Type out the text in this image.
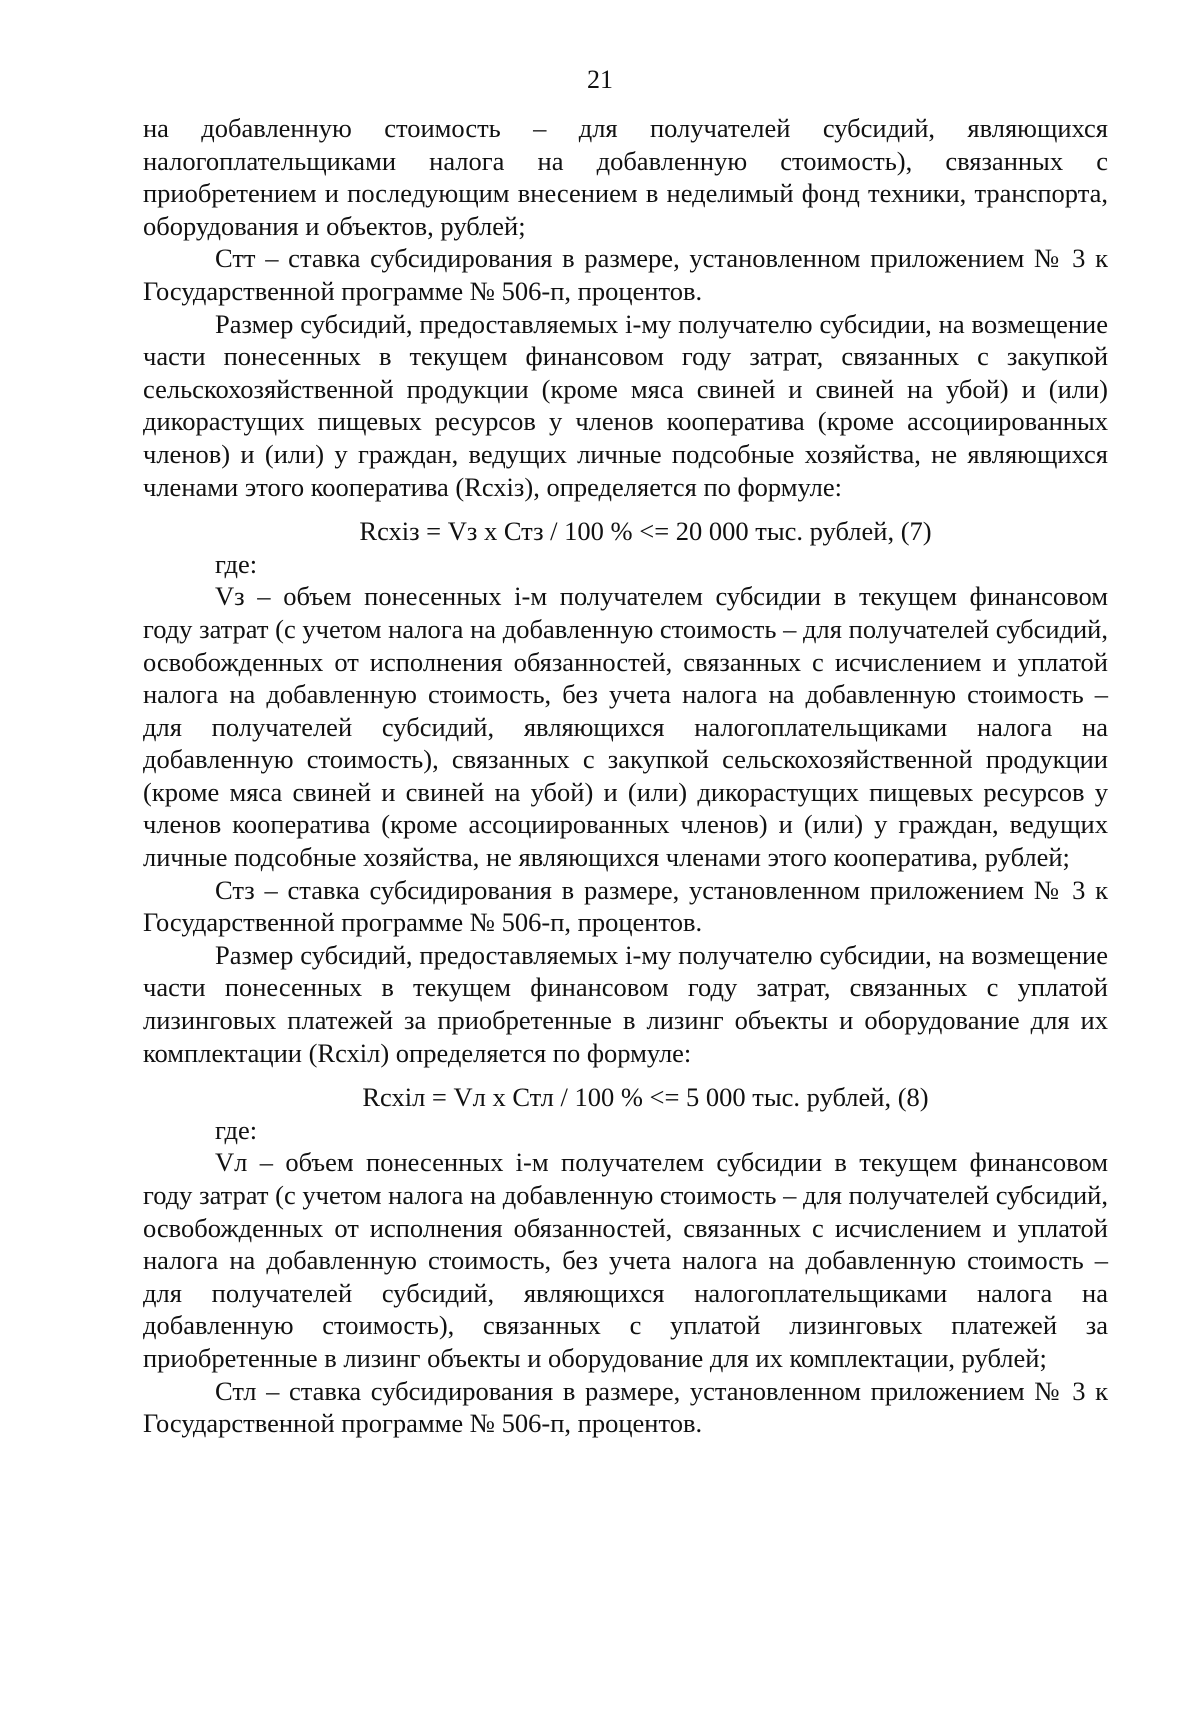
21

на добавленную стоимость – для получателей субсидий, являющихся налогоплательщиками налога на добавленную стоимость), связанных с приобретением и последующим внесением в неделимый фонд техники, транспорта, оборудования и объектов, рублей;

Стт – ставка субсидирования в размере, установленном приложением № 3 к Государственной программе № 506-п, процентов.

Размер субсидий, предоставляемых i-му получателю субсидии, на возмещение части понесенных в текущем финансовом году затрат, связанных с закупкой сельскохозяйственной продукции (кроме мяса свиней и свиней на убой) и (или) дикорастущих пищевых ресурсов у членов кооператива (кроме ассоциированных членов) и (или) у граждан, ведущих личные подсобные хозяйства, не являющихся членами этого кооператива (Rсхiз), определяется по формуле:

Rсхiз = Vз х Стз / 100 % <= 20 000 тыс. рублей, (7)

где:

Vз – объем понесенных i-м получателем субсидии в текущем финансовом году затрат (с учетом налога на добавленную стоимость – для получателей субсидий, освобожденных от исполнения обязанностей, связанных с исчислением и уплатой налога на добавленную стоимость, без учета налога на добавленную стоимость – для получателей субсидий, являющихся налогоплательщиками налога на добавленную стоимость), связанных с закупкой сельскохозяйственной продукции (кроме мяса свиней и свиней на убой) и (или) дикорастущих пищевых ресурсов у членов кооператива (кроме ассоциированных членов) и (или) у граждан, ведущих личные подсобные хозяйства, не являющихся членами этого кооператива, рублей;

Стз – ставка субсидирования в размере, установленном приложением № 3 к Государственной программе № 506-п, процентов.

Размер субсидий, предоставляемых i-му получателю субсидии, на возмещение части понесенных в текущем финансовом году затрат, связанных с уплатой лизинговых платежей за приобретенные в лизинг объекты и оборудование для их комплектации (Rсхiл) определяется по формуле:

Rсхiл = Vл х Стл / 100 % <= 5 000 тыс. рублей, (8)

где:

Vл – объем понесенных i-м получателем субсидии в текущем финансовом году затрат (с учетом налога на добавленную стоимость – для получателей субсидий, освобожденных от исполнения обязанностей, связанных с исчислением и уплатой налога на добавленную стоимость, без учета налога на добавленную стоимость – для получателей субсидий, являющихся налогоплательщиками налога на добавленную стоимость), связанных с уплатой лизинговых платежей за приобретенные в лизинг объекты и оборудование для их комплектации, рублей;

Стл – ставка субсидирования в размере, установленном приложением № 3 к Государственной программе № 506-п, процентов.
